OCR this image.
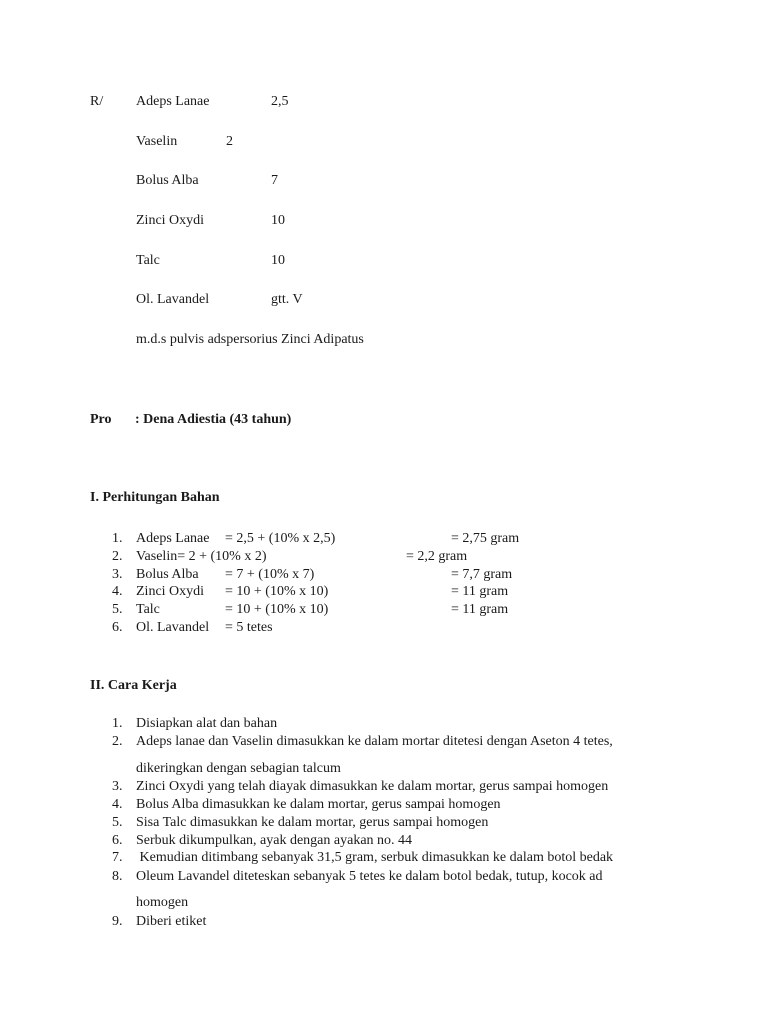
R/ Adeps Lanae	2,5
Vaselin	2
Bolus Alba	7
Zinci Oxydi	10
Talc	10
Ol. Lavandel	gtt. V
m.d.s pulvis adspersorius Zinci Adipatus
Pro : Dena Adiestia (43 tahun)
I. Perhitungan Bahan
1. Adeps Lanae = 2,5 + (10% x 2,5)	= 2,75 gram
2. Vaselin= 2 + (10% x 2)	= 2,2 gram
3. Bolus Alba = 7 + (10% x 7)	= 7,7 gram
4. Zinci Oxydi = 10 + (10% x 10)	= 11 gram
5. Talc	= 10 + (10% x 10)	= 11 gram
6. Ol. Lavandel = 5 tetes
II. Cara Kerja
1. Disiapkan alat dan bahan
2. Adeps lanae dan Vaselin dimasukkan ke dalam mortar ditetesi dengan Aseton 4 tetes,
dikeringkan dengan sebagian talcum
3. Zinci Oxydi yang telah diayak dimasukkan ke dalam mortar, gerus sampai homogen
4. Bolus Alba dimasukkan ke dalam mortar, gerus sampai homogen
5. Sisa Talc dimasukkan ke dalam mortar, gerus sampai homogen
6. Serbuk dikumpulkan, ayak dengan ayakan no. 44
7. Kemudian ditimbang sebanyak 31,5 gram, serbuk dimasukkan ke dalam botol bedak
8. Oleum Lavandel diteteskan sebanyak 5 tetes ke dalam botol bedak, tutup, kocok ad
homogen
9. Diberi etiket
